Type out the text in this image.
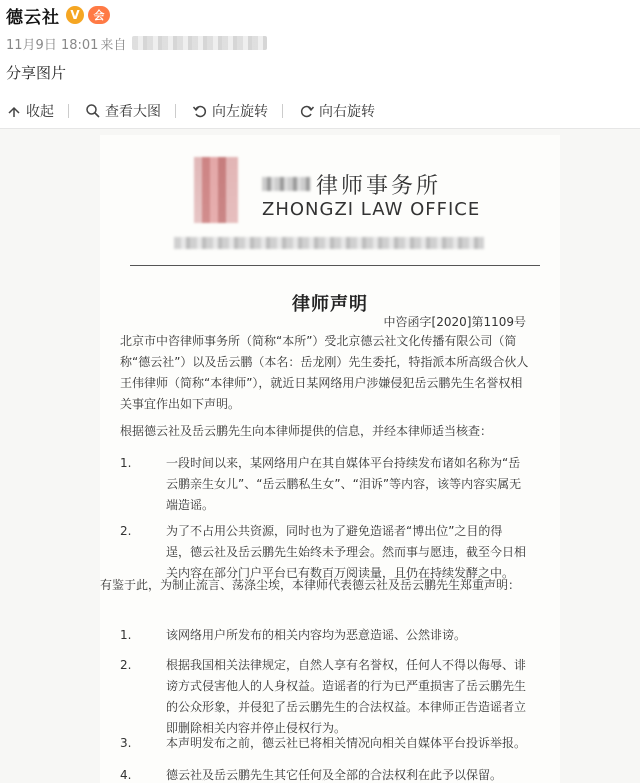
德云社 V	会
11月9日 18:01 来自
分享图片
收起	查看大图	向左旋转	向右旋转
律师事务所
ZHONGZI LAW OFFICE
律师声明
中咨函字[2020]第1109号
北京市中咨律师事务所（简称“本所”）受北京德云社文化传播有限公司（简称“德云社”）以及岳云鹏（本名：岳龙刚）先生委托，特指派本所高级合伙人王伟律师（简称“本律师”），就近日某网络用户涉嫌侵犯岳云鹏先生名誉权相关事宜作出如下声明。
根据德云社及岳云鹏先生向本律师提供的信息，并经本律师适当核查：
1.	一段时间以来，某网络用户在其自媒体平台持续发布诸如名称为“岳云鹏亲生女儿”、“岳云鹏私生女”、“泪诉”等内容，该等内容实属无端造谣。
2.	为了不占用公共资源，同时也为了避免造谣者“博出位”之目的得逞，德云社及岳云鹏先生始终未予理会。然而事与愿违，截至今日相关内容在部分门户平台已有数百万阅读量，且仍在持续发酵之中。
有鉴于此，为制止流言、荡涤尘埃，本律师代表德云社及岳云鹏先生郑重声明：
1.	该网络用户所发布的相关内容均为恶意造谣、公然诽谤。
2.	根据我国相关法律规定，自然人享有名誉权，任何人不得以侮辱、诽谤方式侵害他人的人身权益。造谣者的行为已严重损害了岳云鹏先生的公众形象，并侵犯了岳云鹏先生的合法权益。本律师正告造谣者立即删除相关内容并停止侵权行为。
3.	本声明发布之前，德云社已将相关情况向相关自媒体平台投诉举报。
4.	德云社及岳云鹏先生其它任何及全部的合法权利在此予以保留。
